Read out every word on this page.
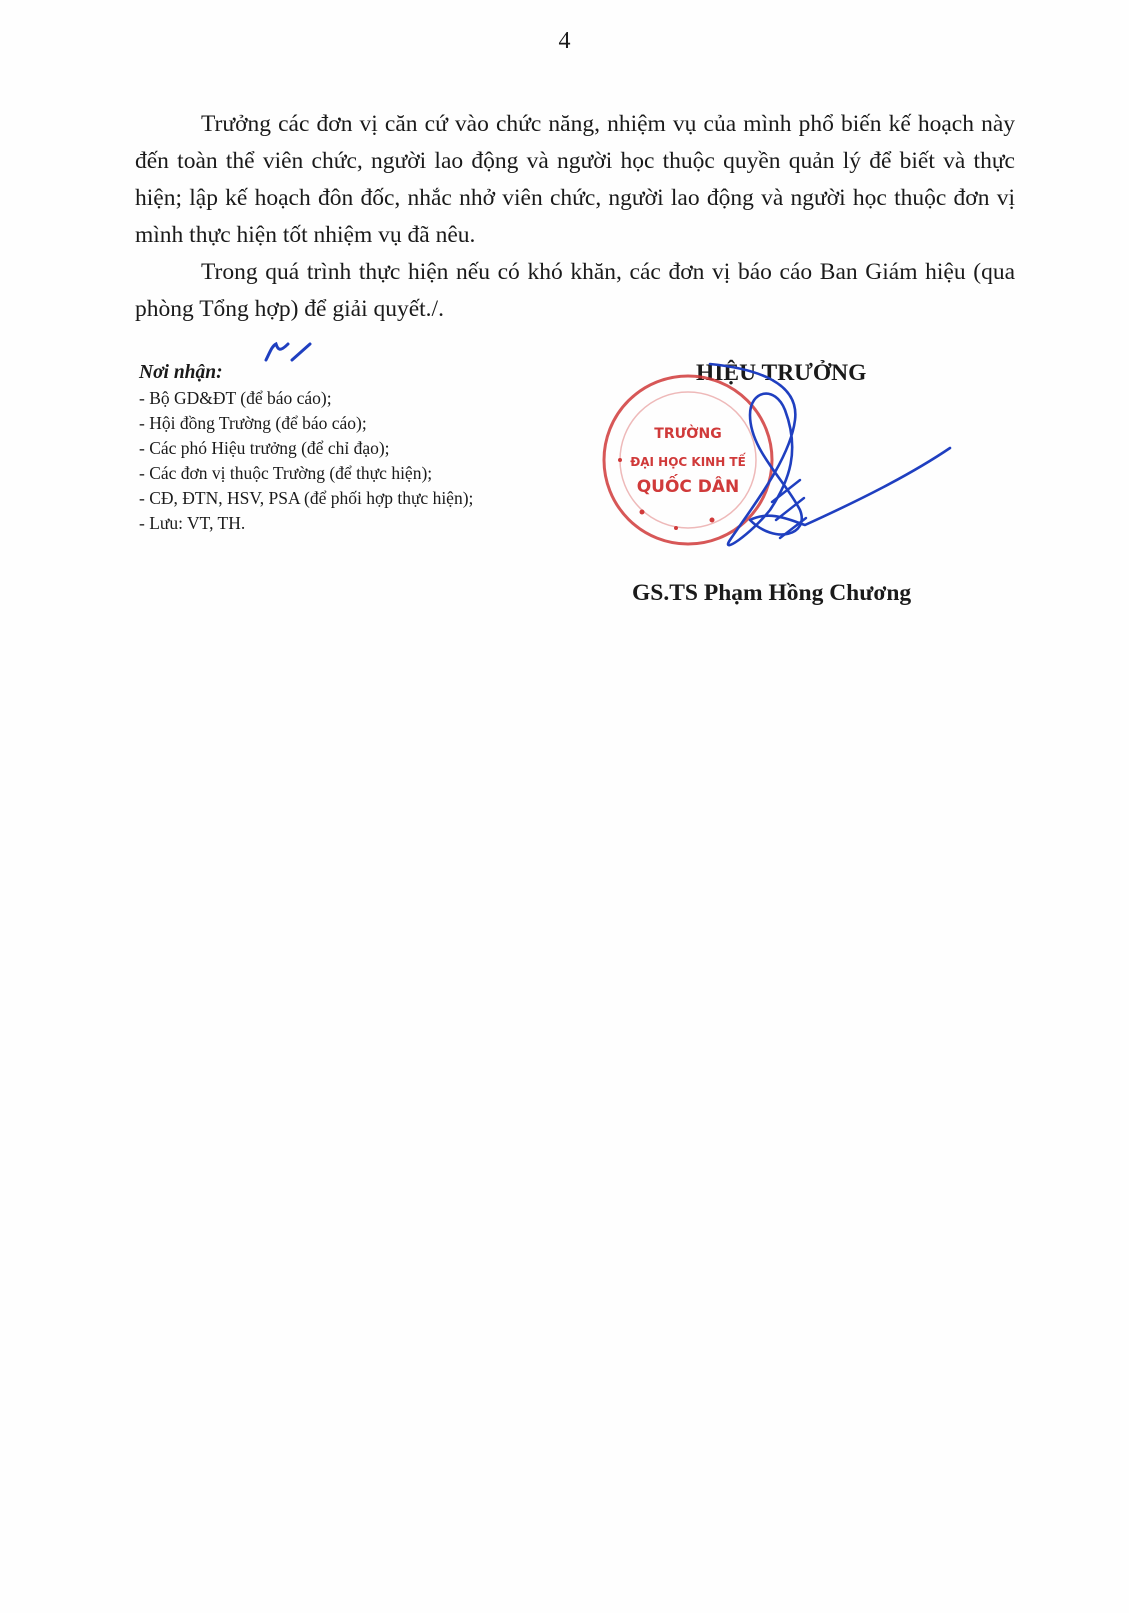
4

Trưởng các đơn vị căn cứ vào chức năng, nhiệm vụ của mình phổ biến kế hoạch này đến toàn thể viên chức, người lao động và người học thuộc quyền quản lý để biết và thực hiện; lập kế hoạch đôn đốc, nhắc nhở viên chức, người lao động và người học thuộc đơn vị mình thực hiện tốt nhiệm vụ đã nêu.

Trong quá trình thực hiện nếu có khó khăn, các đơn vị báo cáo Ban Giám hiệu (qua phòng Tổng hợp) để giải quyết./.

Nơi nhận:
- Bộ GD&ĐT (để báo cáo);
- Hội đồng Trường (để báo cáo);
- Các phó Hiệu trưởng (để chỉ đạo);
- Các đơn vị thuộc Trường (để thực hiện);
- CĐ, ĐTN, HSV, PSA (để phối hợp thực hiện);
- Lưu: VT, TH.
HIỆU TRƯỞNG
TRƯỜNG
ĐẠI HỌC KINH TẾ
QUỐC DÂN
GS.TS Phạm Hồng Chương
